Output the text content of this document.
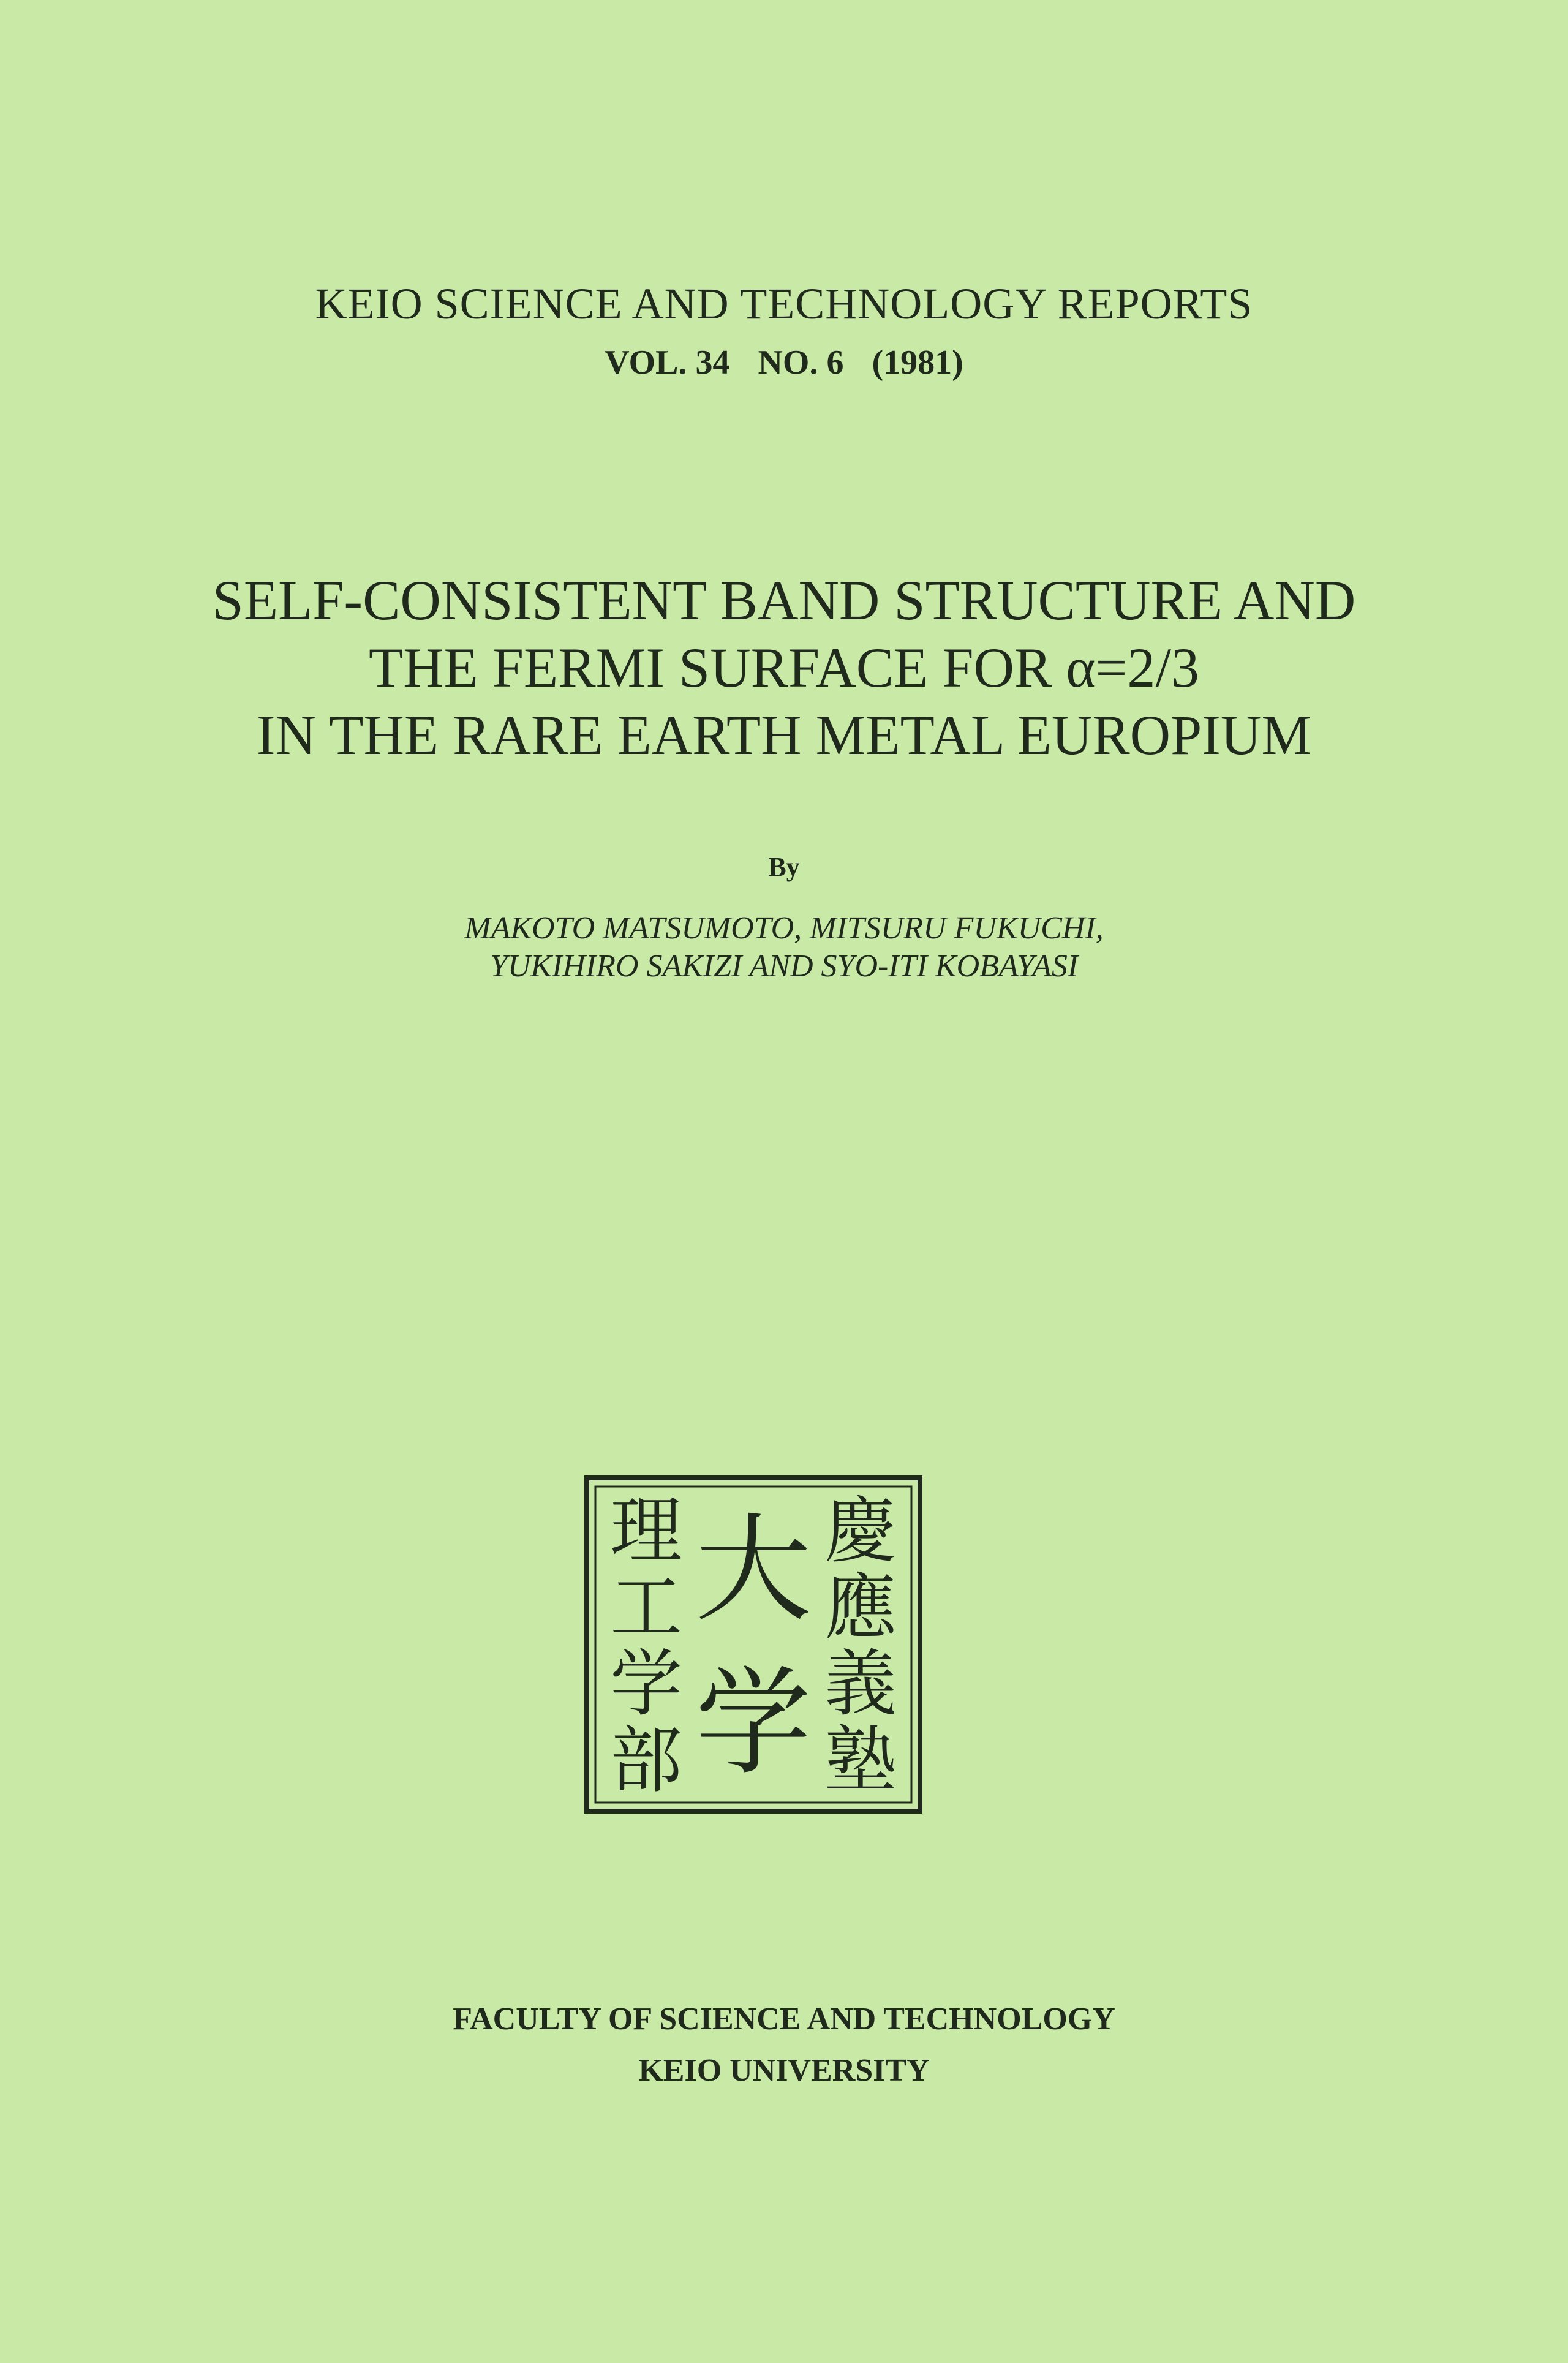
KEIO SCIENCE AND TECHNOLOGY REPORTS
VOL. 34 NO. 6 (1981)
SELF-CONSISTENT BAND STRUCTURE AND
THE FERMI SURFACE FOR α=2/3
IN THE RARE EARTH METAL EUROPIUM
By
MAKOTO MATSUMOTO, MITSURU FUKUCHI,
YUKIHIRO SAKIZI AND SYO-ITI KOBAYASI
慶
應
義
塾
大
学
理
工
学
部
FACULTY OF SCIENCE AND TECHNOLOGY
KEIO UNIVERSITY
